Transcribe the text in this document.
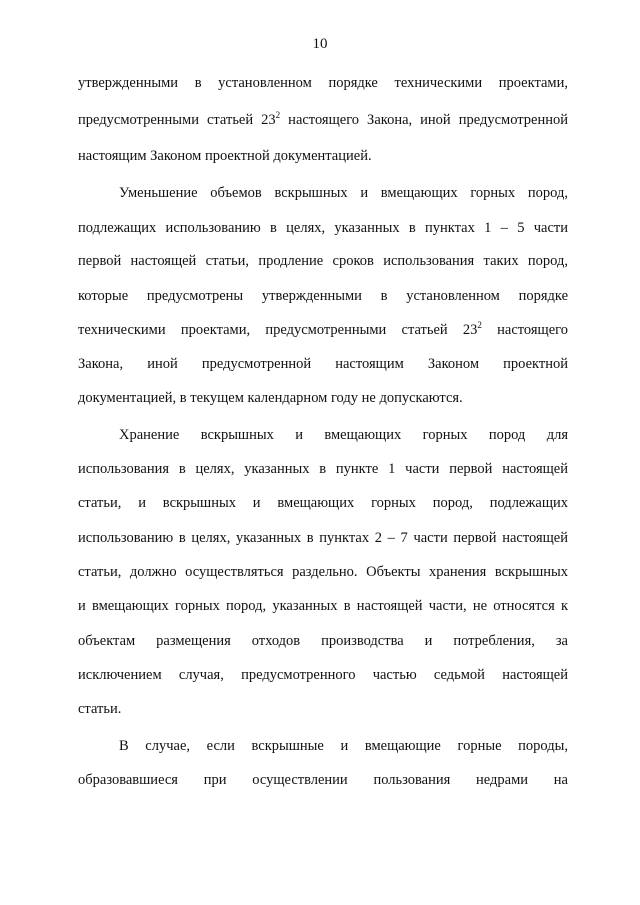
10
утвержденными в установленном порядке техническими проектами,
предусмотренными статьей $23^2$ настоящего Закона, иной предусмотренной
настоящим Законом проектной документацией.
Уменьшение объемов вскрышных и вмещающих горных пород,
подлежащих использованию в целях, указанных в пунктах 1 – 5 части
первой настоящей статьи, продление сроков использования таких пород,
которые предусмотрены утвержденными в установленном порядке
техническими проектами, предусмотренными статьей $23^2$ настоящего
Закона, иной предусмотренной настоящим Законом проектной
документацией, в текущем календарном году не допускаются.
Хранение вскрышных и вмещающих горных пород для
использования в целях, указанных в пункте 1 части первой настоящей
статьи, и вскрышных и вмещающих горных пород, подлежащих
использованию в целях, указанных в пунктах 2 – 7 части первой настоящей
статьи, должно осуществляться раздельно. Объекты хранения вскрышных
и вмещающих горных пород, указанных в настоящей части, не относятся к
объектам размещения отходов производства и потребления, за
исключением случая, предусмотренного частью седьмой настоящей
статьи.
В случае, если вскрышные и вмещающие горные породы,
образовавшиеся при осуществлении пользования недрами на
